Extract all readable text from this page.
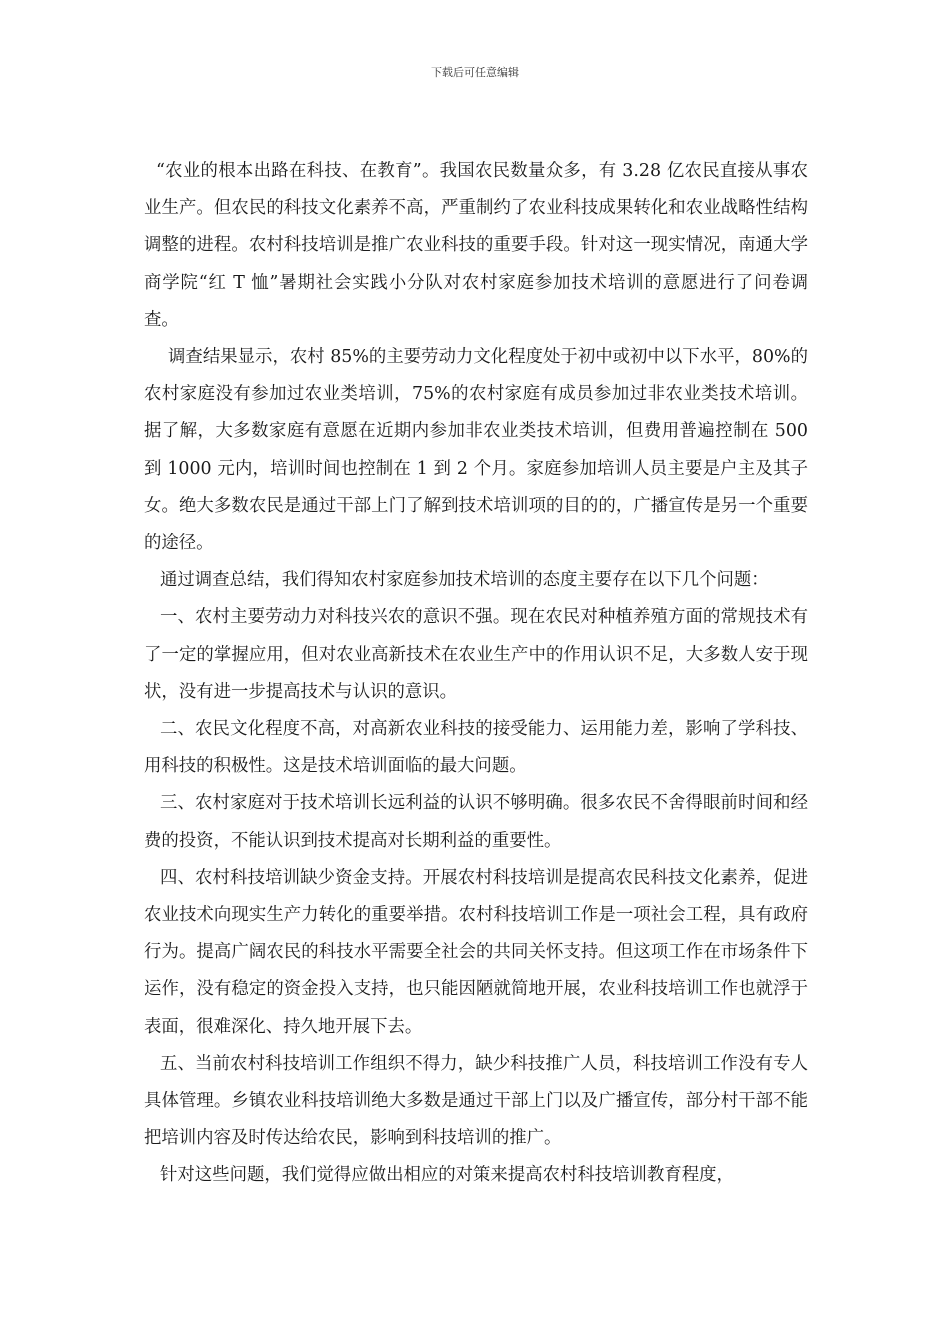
下载后可任意编辑

“农业的根本出路在科技、在教育”。我国农民数量众多，有 3.28 亿农民直接从事农业生产。但农民的科技文化素养不高，严重制约了农业科技成果转化和农业战略性结构调整的进程。农村科技培训是推广农业科技的重要手段。针对这一现实情况，南通大学商学院“红 T 恤”暑期社会实践小分队对农村家庭参加技术培训的意愿进行了问卷调查。

调查结果显示，农村 85%的主要劳动力文化程度处于初中或初中以下水平，80%的农村家庭没有参加过农业类培训，75%的农村家庭有成员参加过非农业类技术培训。据了解，大多数家庭有意愿在近期内参加非农业类技术培训，但费用普遍控制在 500 到 1000 元内，培训时间也控制在 1 到 2 个月。家庭参加培训人员主要是户主及其子女。绝大多数农民是通过干部上门了解到技术培训项的目的的，广播宣传是另一个重要的途径。

通过调查总结，我们得知农村家庭参加技术培训的态度主要存在以下几个问题：

一、农村主要劳动力对科技兴农的意识不强。现在农民对种植养殖方面的常规技术有了一定的掌握应用，但对农业高新技术在农业生产中的作用认识不足，大多数人安于现状，没有进一步提高技术与认识的意识。

二、农民文化程度不高，对高新农业科技的接受能力、运用能力差，影响了学科技、用科技的积极性。这是技术培训面临的最大问题。

三、农村家庭对于技术培训长远利益的认识不够明确。很多农民不舍得眼前时间和经费的投资，不能认识到技术提高对长期利益的重要性。

四、农村科技培训缺少资金支持。开展农村科技培训是提高农民科技文化素养，促进农业技术向现实生产力转化的重要举措。农村科技培训工作是一项社会工程，具有政府行为。提高广阔农民的科技水平需要全社会的共同关怀支持。但这项工作在市场条件下运作，没有稳定的资金投入支持，也只能因陋就简地开展，农业科技培训工作也就浮于表面，很难深化、持久地开展下去。

五、当前农村科技培训工作组织不得力，缺少科技推广人员，科技培训工作没有专人具体管理。乡镇农业科技培训绝大多数是通过干部上门以及广播宣传，部分村干部不能把培训内容及时传达给农民，影响到科技培训的推广。

针对这些问题，我们觉得应做出相应的对策来提高农村科技培训教育程度，
